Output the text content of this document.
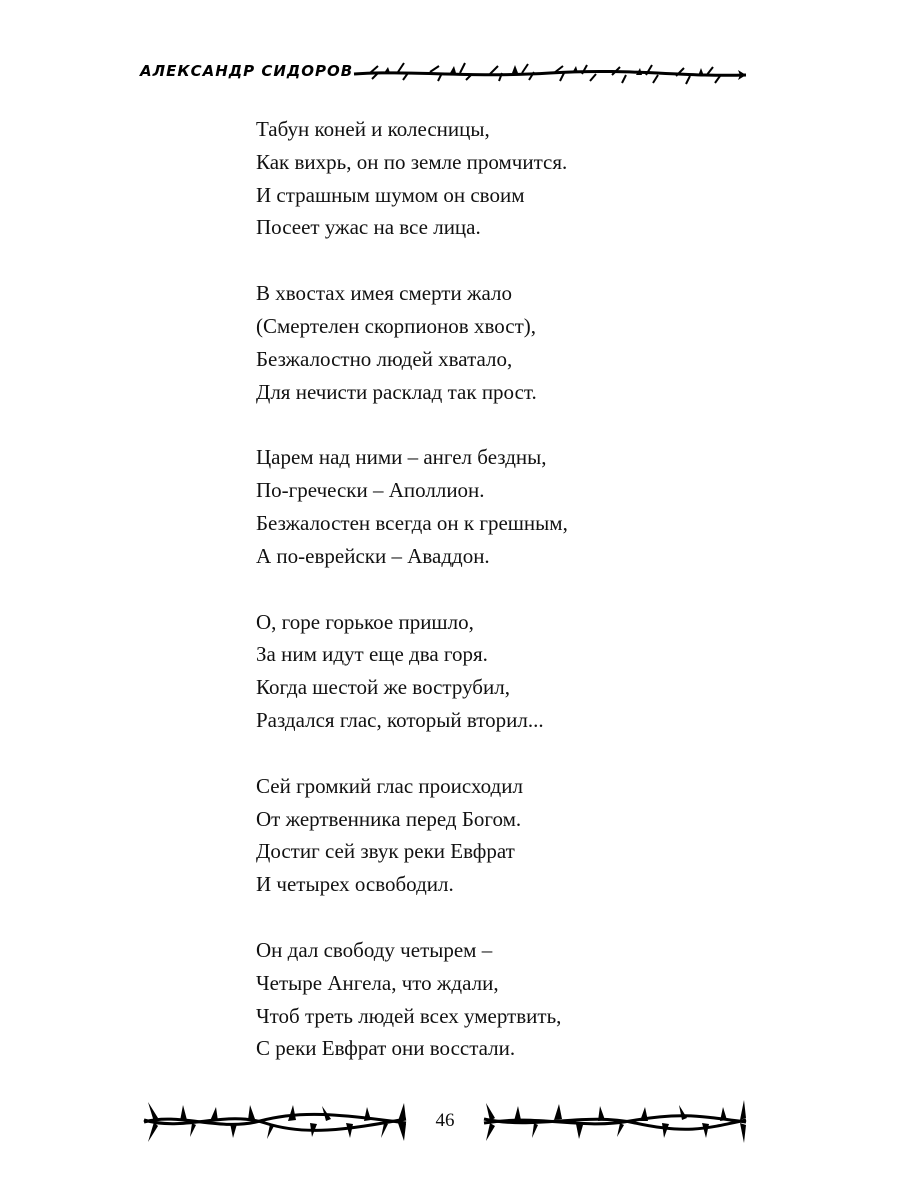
АЛЕКСАНДР СИДОРОВ
Табун коней и колесницы,
Как вихрь, он по земле промчится.
И страшным шумом он своим
Посеет ужас на все лица.
В хвостах имея смерти жало
(Смертелен скорпионов хвост),
Безжалостно людей хватало,
Для нечисти расклад так прост.
Царем над ними – ангел бездны,
По-гречески – Аполлион.
Безжалостен всегда он к грешным,
А по-еврейски – Аваддон.
О, горе горькое пришло,
За ним идут еще два горя.
Когда шестой же вострубил,
Раздался глас, который вторил...
Сей громкий глас происходил
От жертвенника перед Богом.
Достиг сей звук реки Евфрат
И четырех освободил.
Он дал свободу четырем –
Четыре Ангела, что ждали,
Чтоб треть людей всех умертвить,
С реки Евфрат они восстали.
46
